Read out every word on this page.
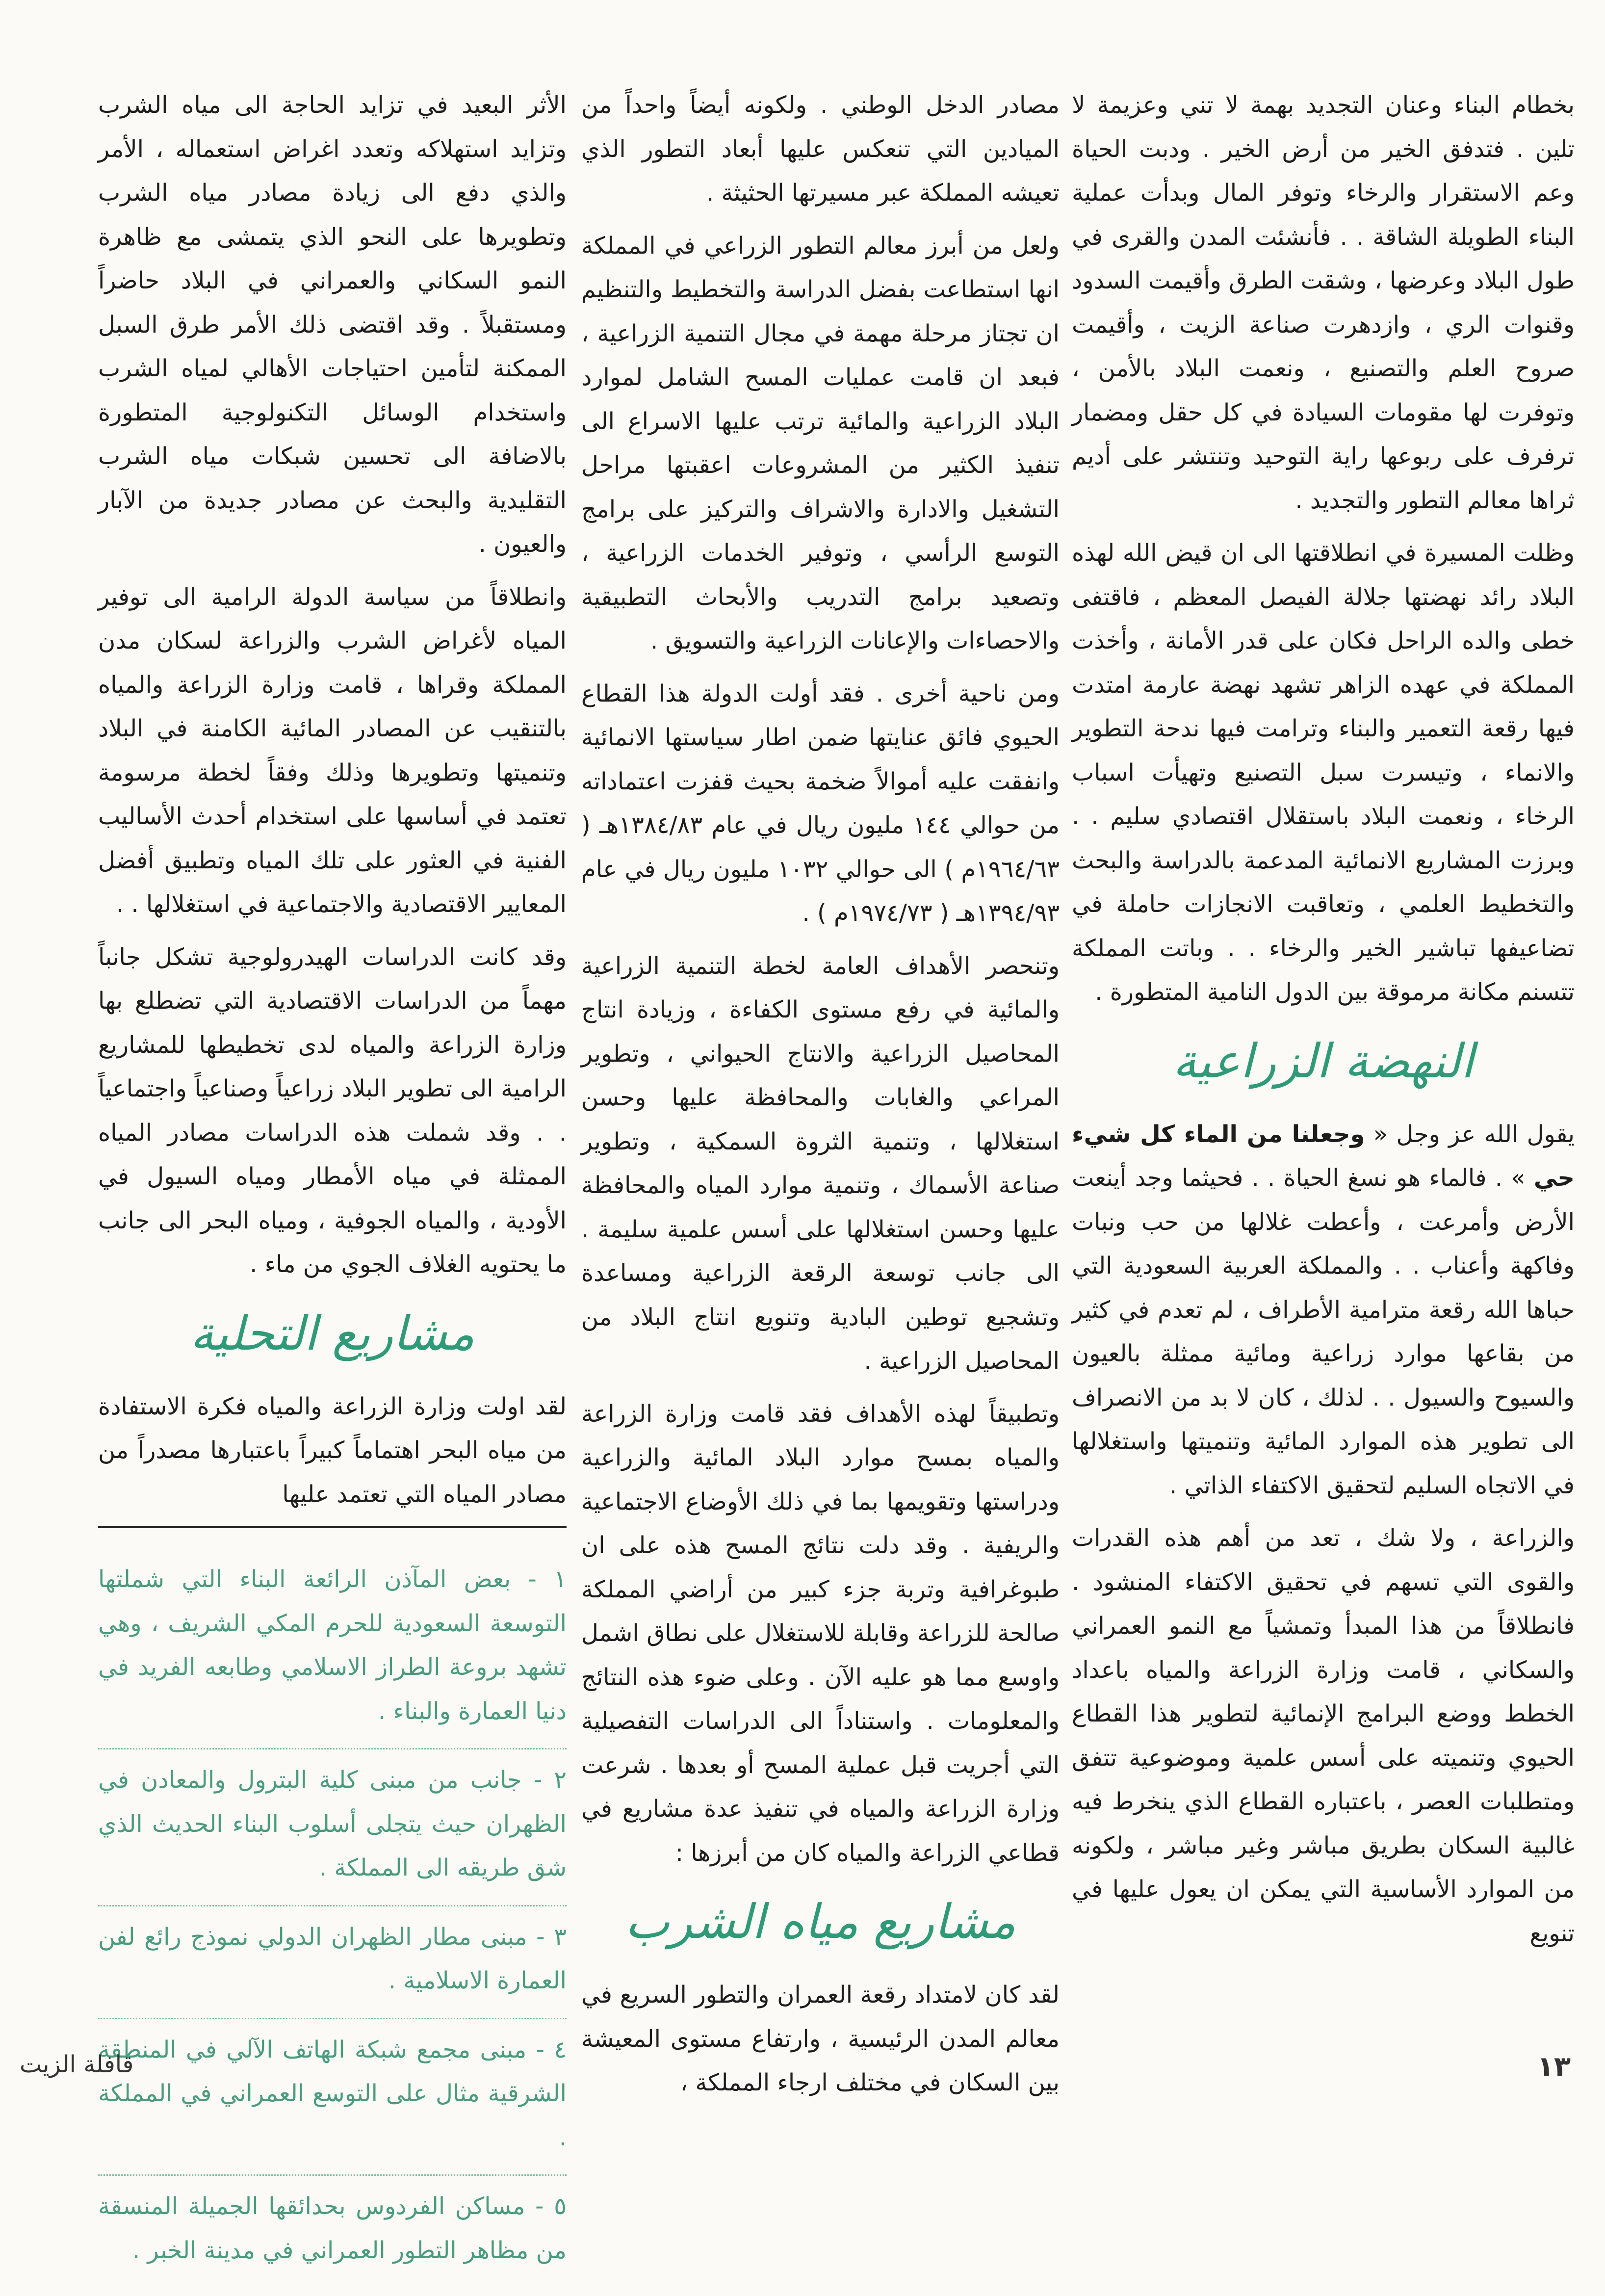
بخطام البناء وعنان التجديد بهمة لا تني وعزيمة لا تلين . فتدفق الخير من أرض الخير . ودبت الحياة وعم الاستقرار والرخاء وتوفر المال وبدأت عملية البناء الطويلة الشاقة . . فأنشئت المدن والقرى في طول البلاد وعرضها ، وشقت الطرق وأقيمت السدود وقنوات الري ، وازدهرت صناعة الزيت ، وأقيمت صروح العلم والتصنيع ، ونعمت البلاد بالأمن ، وتوفرت لها مقومات السيادة في كل حقل ومضمار ترفرف على ربوعها راية التوحيد وتنتشر على أديم ثراها معالم التطور والتجديد .

وظلت المسيرة في انطلاقتها الى ان قيض الله لهذه البلاد رائد نهضتها جلالة الفيصل المعظم ، فاقتفى خطى والده الراحل فكان على قدر الأمانة ، وأخذت المملكة في عهده الزاهر تشهد نهضة عارمة امتدت فيها رقعة التعمير والبناء وترامت فيها ندحة التطوير والانماء ، وتيسرت سبل التصنيع وتهيأت اسباب الرخاء ، ونعمت البلاد باستقلال اقتصادي سليم . . وبرزت المشاريع الانمائية المدعمة بالدراسة والبحث والتخطيط العلمي ، وتعاقبت الانجازات حاملة في تضاعيفها تباشير الخير والرخاء . . وباتت المملكة تتسنم مكانة مرموقة بين الدول النامية المتطورة .

النهضة الزراعية

يقول الله عز وجل « وجعلنا من الماء كل شيء حي » . فالماء هو نسغ الحياة . . فحيثما وجد أينعت الأرض وأمرعت ، وأعطت غلالها من حب ونبات وفاكهة وأعناب . . والمملكة العربية السعودية التي حباها الله رقعة مترامية الأطراف ، لم تعدم في كثير من بقاعها موارد زراعية ومائية ممثلة بالعيون والسيوح والسيول . . لذلك ، كان لا بد من الانصراف الى تطوير هذه الموارد المائية وتنميتها واستغلالها في الاتجاه السليم لتحقيق الاكتفاء الذاتي .

والزراعة ، ولا شك ، تعد من أهم هذه القدرات والقوى التي تسهم في تحقيق الاكتفاء المنشود . فانطلاقاً من هذا المبدأ وتمشياً مع النمو العمراني والسكاني ، قامت وزارة الزراعة والمياه باعداد الخطط ووضع البرامج الإنمائية لتطوير هذا القطاع الحيوي وتنميته على أسس علمية وموضوعية تتفق ومتطلبات العصر ، باعتباره القطاع الذي ينخرط فيه غالبية السكان بطريق مباشر وغير مباشر ، ولكونه من الموارد الأساسية التي يمكن ان يعول عليها في تنويع

مصادر الدخل الوطني . ولكونه أيضاً واحداً من الميادين التي تنعكس عليها أبعاد التطور الذي تعيشه المملكة عبر مسيرتها الحثيثة .

ولعل من أبرز معالم التطور الزراعي في المملكة انها استطاعت بفضل الدراسة والتخطيط والتنظيم ان تجتاز مرحلة مهمة في مجال التنمية الزراعية ، فبعد ان قامت عمليات المسح الشامل لموارد البلاد الزراعية والمائية ترتب عليها الاسراع الى تنفيذ الكثير من المشروعات اعقبتها مراحل التشغيل والادارة والاشراف والتركيز على برامج التوسع الرأسي ، وتوفير الخدمات الزراعية ، وتصعيد برامج التدريب والأبحاث التطبيقية والاحصاءات والإعانات الزراعية والتسويق .

ومن ناحية أخرى . فقد أولت الدولة هذا القطاع الحيوي فائق عنايتها ضمن اطار سياستها الانمائية وانفقت عليه أموالاً ضخمة بحيث قفزت اعتماداته من حوالي ١٤٤ مليون ريال في عام ١٣٨٤/٨٣هـ ( ١٩٦٤/٦٣م ) الى حوالي ١٠٣٢ مليون ريال في عام ١٣٩٤/٩٣هـ ( ١٩٧٤/٧٣م ) .

وتنحصر الأهداف العامة لخطة التنمية الزراعية والمائية في رفع مستوى الكفاءة ، وزيادة انتاج المحاصيل الزراعية والانتاج الحيواني ، وتطوير المراعي والغابات والمحافظة عليها وحسن استغلالها ، وتنمية الثروة السمكية ، وتطوير صناعة الأسماك ، وتنمية موارد المياه والمحافظة عليها وحسن استغلالها على أسس علمية سليمة . الى جانب توسعة الرقعة الزراعية ومساعدة وتشجيع توطين البادية وتنويع انتاج البلاد من المحاصيل الزراعية .

وتطبيقاً لهذه الأهداف فقد قامت وزارة الزراعة والمياه بمسح موارد البلاد المائية والزراعية ودراستها وتقويمها بما في ذلك الأوضاع الاجتماعية والريفية . وقد دلت نتائج المسح هذه على ان طبوغرافية وتربة جزء كبير من أراضي المملكة صالحة للزراعة وقابلة للاستغلال على نطاق اشمل واوسع مما هو عليه الآن . وعلى ضوء هذه النتائج والمعلومات . واستناداً الى الدراسات التفصيلية التي أجريت قبل عملية المسح أو بعدها . شرعت وزارة الزراعة والمياه في تنفيذ عدة مشاريع في قطاعي الزراعة والمياه كان من أبرزها :

مشاريع مياه الشرب

لقد كان لامتداد رقعة العمران والتطور السريع في معالم المدن الرئيسية ، وارتفاع مستوى المعيشة بين السكان في مختلف ارجاء المملكة ،

الأثر البعيد في تزايد الحاجة الى مياه الشرب وتزايد استهلاكه وتعدد اغراض استعماله ، الأمر والذي دفع الى زيادة مصادر مياه الشرب وتطويرها على النحو الذي يتمشى مع ظاهرة النمو السكاني والعمراني في البلاد حاضراً ومستقبلاً . وقد اقتضى ذلك الأمر طرق السبل الممكنة لتأمين احتياجات الأهالي لمياه الشرب واستخدام الوسائل التكنولوجية المتطورة بالاضافة الى تحسين شبكات مياه الشرب التقليدية والبحث عن مصادر جديدة من الآبار والعيون .

وانطلاقاً من سياسة الدولة الرامية الى توفير المياه لأغراض الشرب والزراعة لسكان مدن المملكة وقراها ، قامت وزارة الزراعة والمياه بالتنقيب عن المصادر المائية الكامنة في البلاد وتنميتها وتطويرها وذلك وفقاً لخطة مرسومة تعتمد في أساسها على استخدام أحدث الأساليب الفنية في العثور على تلك المياه وتطبيق أفضل المعايير الاقتصادية والاجتماعية في استغلالها . .

وقد كانت الدراسات الهيدرولوجية تشكل جانباً مهماً من الدراسات الاقتصادية التي تضطلع بها وزارة الزراعة والمياه لدى تخطيطها للمشاريع الرامية الى تطوير البلاد زراعياً وصناعياً واجتماعياً . . وقد شملت هذه الدراسات مصادر المياه الممثلة في مياه الأمطار ومياه السيول في الأودية ، والمياه الجوفية ، ومياه البحر الى جانب ما يحتويه الغلاف الجوي من ماء .

مشاريع التحلية

لقد اولت وزارة الزراعة والمياه فكرة الاستفادة من مياه البحر اهتماماً كبيراً باعتبارها مصدراً من مصادر المياه التي تعتمد عليها

١ - بعض المآذن الرائعة البناء التي شملتها التوسعة السعودية للحرم المكي الشريف ، وهي تشهد بروعة الطراز الاسلامي وطابعه الفريد في دنيا العمارة والبناء .

٢ - جانب من مبنى كلية البترول والمعادن في الظهران حيث يتجلى أسلوب البناء الحديث الذي شق طريقه الى المملكة .

٣ - مبنى مطار الظهران الدولي نموذج رائع لفن العمارة الاسلامية .

٤ - مبنى مجمع شبكة الهاتف الآلي في المنطقة الشرقية مثال على التوسع العمراني في المملكة .

٥ - مساكن الفردوس بحدائقها الجميلة المنسقة من مظاهر التطور العمراني في مدينة الخبر .

١٣
قافلة الزيت
